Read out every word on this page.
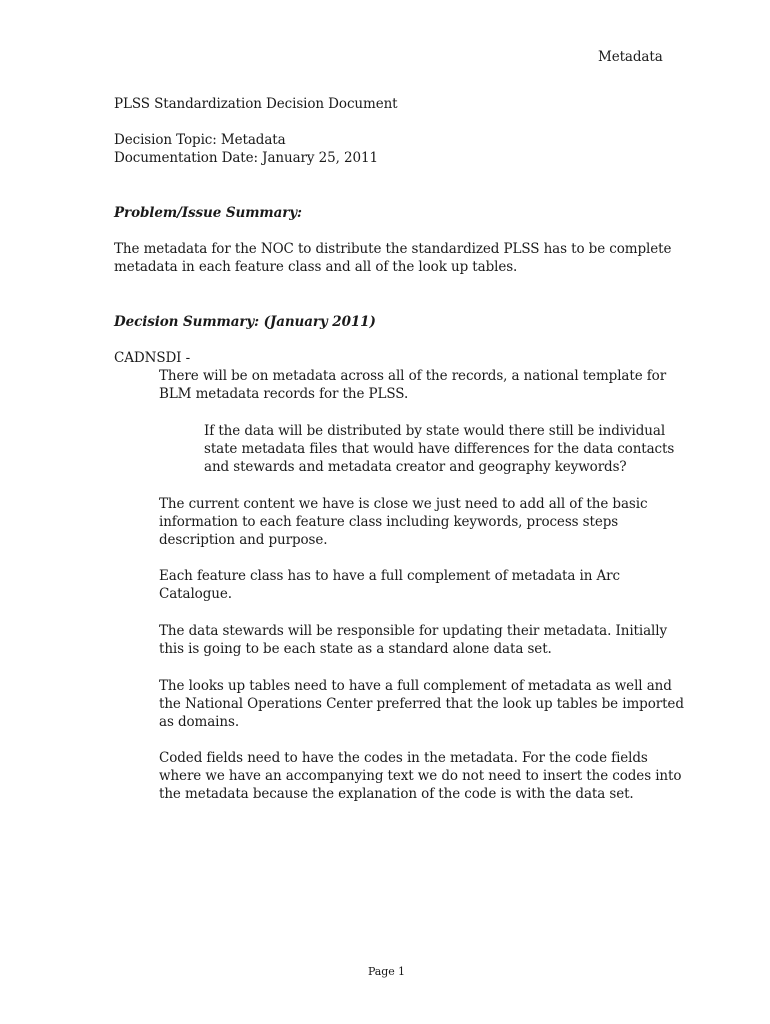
Metadata
PLSS Standardization Decision Document
Decision Topic: Metadata
Documentation Date: January 25, 2011
Problem/Issue Summary:
The metadata for the NOC to distribute the standardized PLSS has to be complete
metadata in each feature class and all of the look up tables.
Decision Summary: (January 2011)
CADNSDI -
There will be on metadata across all of the records, a national template for
BLM metadata records for the PLSS.
If the data will be distributed by state would there still be individual
state metadata files that would have differences for the data contacts
and stewards and metadata creator and geography keywords?
The current content we have is close we just need to add all of the basic
information to each feature class including keywords, process steps
description and purpose.
Each feature class has to have a full complement of metadata in Arc
Catalogue.
The data stewards will be responsible for updating their metadata. Initially
this is going to be each state as a standard alone data set.
The looks up tables need to have a full complement of metadata as well and
the National Operations Center preferred that the look up tables be imported
as domains.
Coded fields need to have the codes in the metadata. For the code fields
where we have an accompanying text we do not need to insert the codes into
the metadata because the explanation of the code is with the data set.
Page 1
